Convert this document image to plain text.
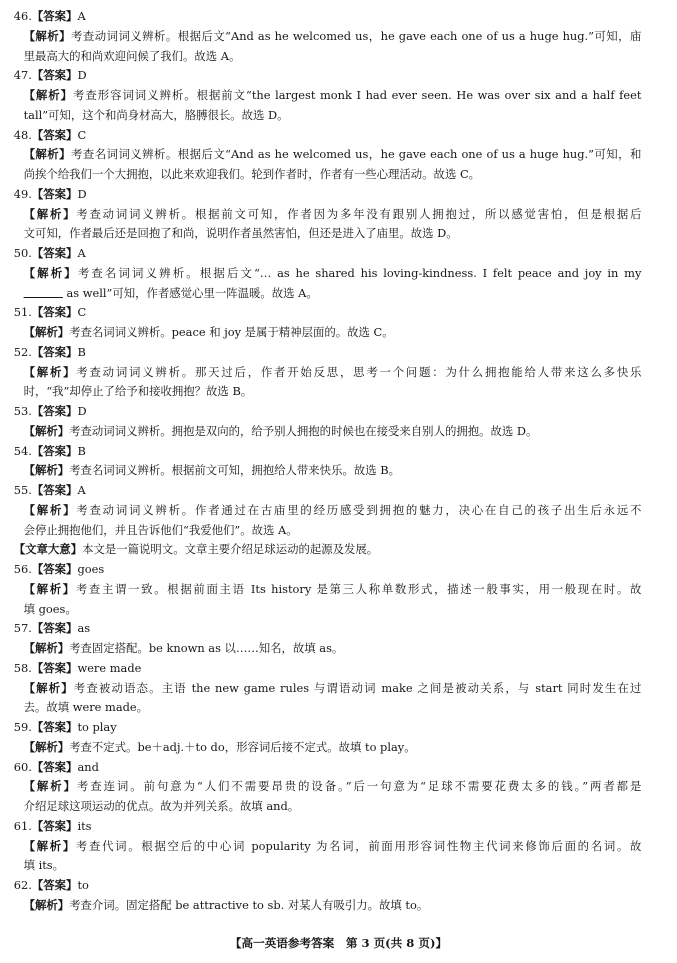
46.【答案】A
【解析】考查动词词义辨析。根据后文“And as he welcomed us，he gave each one of us a huge hug.”可知，庙
里最高大的和尚欢迎问候了我们。故选 A。
47.【答案】D
【解析】考查形容词词义辨析。根据前文“the largest monk I had ever seen. He was over six and a half feet
tall”可知，这个和尚身材高大，胳膊很长。故选 D。
48.【答案】C
【解析】考查名词词义辨析。根据后文“And as he welcomed us，he gave each one of us a huge hug.”可知，和
尚挨个给我们一个大拥抱，以此来欢迎我们。轮到作者时，作者有一些心理活动。故选 C。
49.【答案】D
【解析】考查动词词义辨析。根据前文可知，作者因为多年没有跟别人拥抱过，所以感觉害怕，但是根据后
文可知，作者最后还是回抱了和尚，说明作者虽然害怕，但还是进入了庙里。故选 D。
50.【答案】A
【解析】考查名词词义辨析。根据后文“… as he shared his loving-kindness. I felt peace and joy in my
as well”可知，作者感觉心里一阵温暖。故选 A。
51.【答案】C
【解析】考查名词词义辨析。peace 和 joy 是属于精神层面的。故选 C。
52.【答案】B
【解析】考查动词词义辨析。那天过后，作者开始反思，思考一个问题：为什么拥抱能给人带来这么多快乐
时，“我”却停止了给予和接收拥抱？故选 B。
53.【答案】D
【解析】考查动词词义辨析。拥抱是双向的，给予别人拥抱的时候也在接受来自别人的拥抱。故选 D。
54.【答案】B
【解析】考查名词词义辨析。根据前文可知，拥抱给人带来快乐。故选 B。
55.【答案】A
【解析】考查动词词义辨析。作者通过在古庙里的经历感受到拥抱的魅力，决心在自己的孩子出生后永远不
会停止拥抱他们，并且告诉他们“我爱他们”。故选 A。
【文章大意】本文是一篇说明文。文章主要介绍足球运动的起源及发展。
56.【答案】goes
【解析】考查主谓一致。根据前面主语 Its history 是第三人称单数形式，描述一般事实，用一般现在时。故
填 goes。
57.【答案】as
【解析】考查固定搭配。be known as 以……知名，故填 as。
58.【答案】were made
【解析】考查被动语态。主语 the new game rules 与谓语动词 make 之间是被动关系，与 start 同时发生在过
去。故填 were made。
59.【答案】to play
【解析】考查不定式。be＋adj.＋to do，形容词后接不定式。故填 to play。
60.【答案】and
【解析】考查连词。前句意为“人们不需要昂贵的设备。”后一句意为“足球不需要花费太多的钱。”两者都是
介绍足球这项运动的优点。故为并列关系。故填 and。
61.【答案】its
【解析】考查代词。根据空后的中心词 popularity 为名词，前面用形容词性物主代词来修饰后面的名词。故
填 its。
62.【答案】to
【解析】考查介词。固定搭配 be attractive to sb. 对某人有吸引力。故填 to。
【高一英语参考答案　第 3 页(共 8 页)】
